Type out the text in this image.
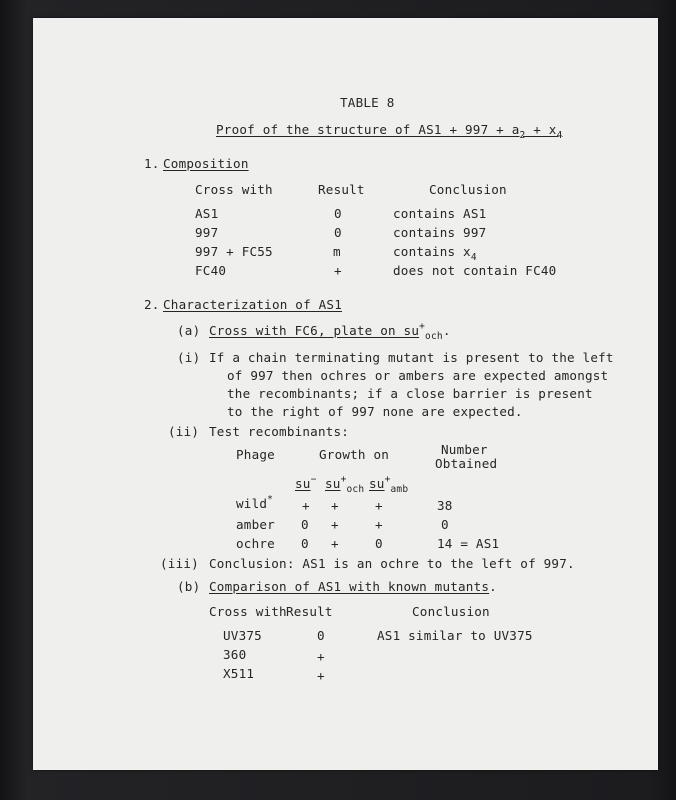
TABLE 8
Proof of the structure of $AS1 + 997 + a_2 + x_4$
1. Composition
Cross with	Result	Conclusion
AS1	0	contains AS1
997	0	contains 997
997 + FC55	m	contains $x_4$
FC40	+	does not contain FC40
2. Characterization of AS1
(a) Cross with FC6, plate on $su^+_{och}$.
(i) If a chain terminating mutant is present to the left
of 997 then ochres or ambers are expected amongst
the recombinants; if a close barrier is present
to the right of 997 none are expected.
(ii) Test recombinants:
Phage	Growth on	Number
Obtained
su− $su^+_{och}$ $su^+_{amb}$
wild* + +	+	38
amber 0 +	+	0
ochre 0 +	0	14 = AS1
(iii) Conclusion: AS1 is an ochre to the left of 997.
(b) Comparison of AS1 with known mutants.
Cross with Result	Conclusion
UV375	0	AS1 similar to UV375
360	+
X511	+
